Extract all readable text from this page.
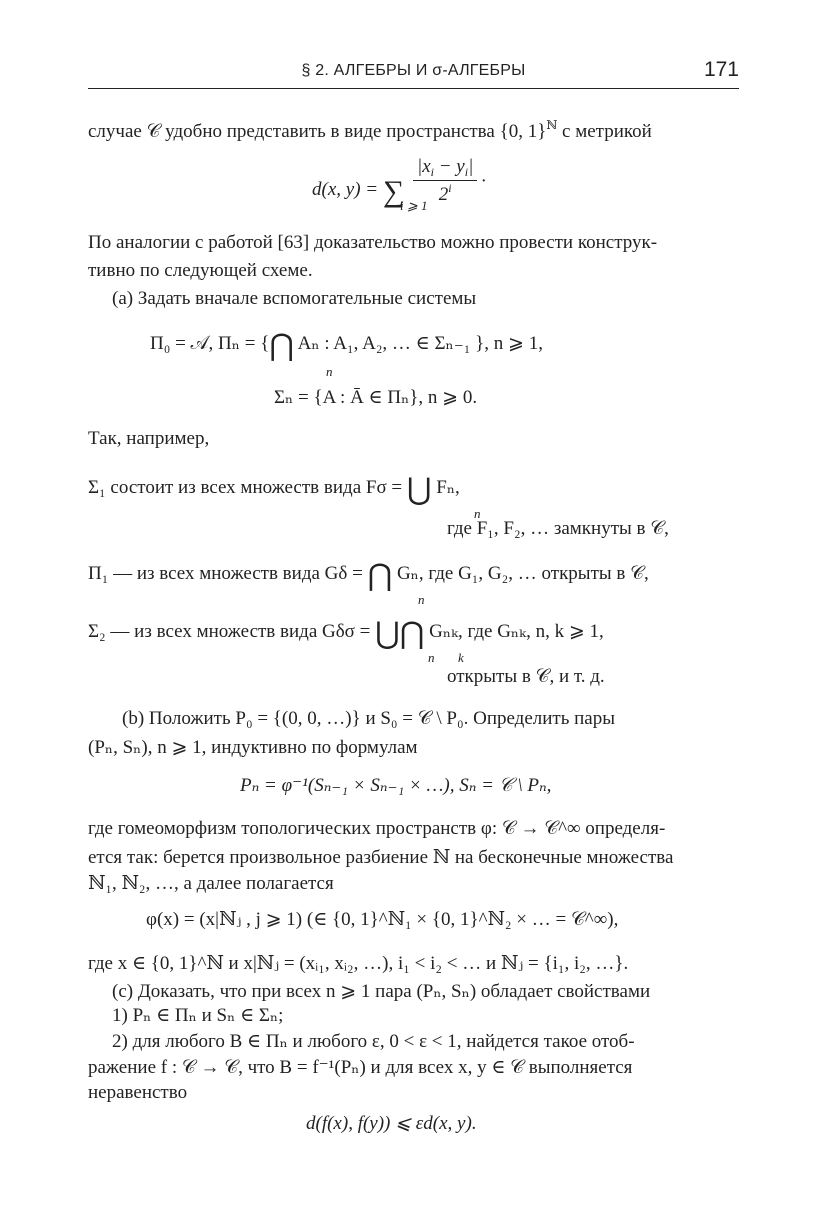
§ 2. АЛГЕБРЫ И σ-АЛГЕБРЫ	171
случае 𝒞 удобно представить в виде пространства {0, 1}$^ℕ$ с метрикой
d(x, y) = ∑ $\frac{|x_i - y_i|}{2^i}$ .
i ⩾ 1
По аналогии с работой [63] доказательство можно провести конструк-
тивно по следующей схеме.
(a) Задать вначале вспомогательные системы
Π₀ = 𝒜, Πₙ = {⋂ Aₙ : A₁, A₂, … ∈ Σₙ₋₁ }, n ⩾ 1,
n
Σₙ = {A : Ā ∈ Πₙ}, n ⩾ 0.
Так, например,
Σ₁ состоит из всех множеств вида Fσ = ⋃ Fₙ,
n
где F₁, F₂, … замкнуты в 𝒞,
Π₁ — из всех множеств вида Gδ = ⋂ Gₙ, где G₁, G₂, … открыты в 𝒞,
n
Σ₂ — из всех множеств вида Gδσ = ⋃⋂ Gₙₖ, где Gₙₖ, n, k ⩾ 1,
n k
открыты в 𝒞, и т. д.
(b) Положить P₀ = {(0, 0, …)} и S₀ = 𝒞 \ P₀. Определить пары
(Pₙ, Sₙ), n ⩾ 1, индуктивно по формулам
Pₙ = φ⁻¹(Sₙ₋₁ × Sₙ₋₁ × …), Sₙ = 𝒞 \ Pₙ,
где гомеоморфизм топологических пространств φ: 𝒞 → 𝒞^∞ определя-
ется так: берется произвольное разбиение ℕ на бесконечные множества
ℕ₁, ℕ₂, …, а далее полагается
φ(x) = (x|ℕⱼ , j ⩾ 1) (∈ {0, 1}^ℕ₁ × {0, 1}^ℕ₂ × … = 𝒞^∞),
где x ∈ {0, 1}^ℕ и x|ℕⱼ = (xᵢ₁, xᵢ₂, …), i₁ < i₂ < … и ℕⱼ = {i₁, i₂, …}.
(c) Доказать, что при всех n ⩾ 1 пара (Pₙ, Sₙ) обладает свойствами
1) Pₙ ∈ Πₙ и Sₙ ∈ Σₙ;
2) для любого B ∈ Πₙ и любого ε, 0 < ε < 1, найдется такое отоб-
ражение f : 𝒞 → 𝒞, что B = f⁻¹(Pₙ) и для всех x, y ∈ 𝒞 выполняется
неравенство
d(f(x), f(y)) ⩽ εd(x, y).
